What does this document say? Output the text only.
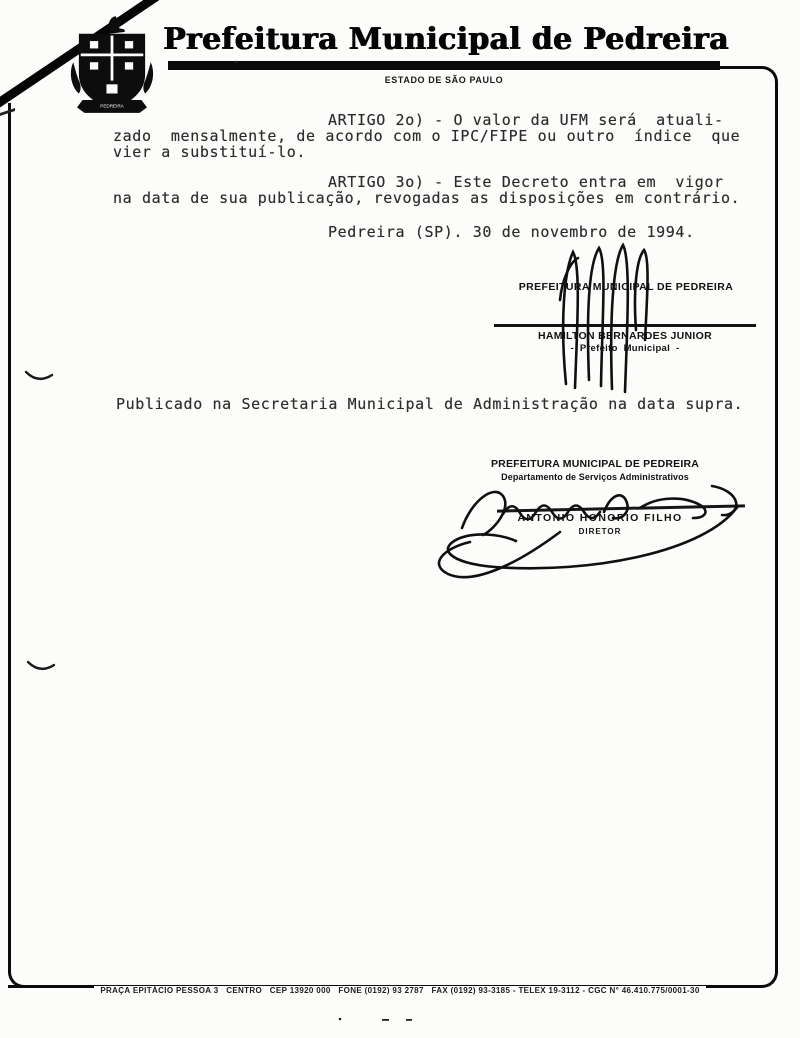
PEDREIRA
Prefeitura Municipal de Pedreira
ESTADO DE SÃO PAULO
ARTIGO 2o) - O valor da UFM será  atuali-
zado  mensalmente, de acordo com o IPC/FIPE ou outro  índice  que
vier a substituí-lo.
ARTIGO 3o) - Este Decreto entra em  vigor
na data de sua publicação, revogadas as disposições em contrário.
Pedreira (SP). 30 de novembro de 1994.
PREFEITURA MUNICIPAL DE PEDREIRA
HAMILTON BERNARDES JUNIOR
-  Prefeito  Municipal  -
Publicado na Secretaria Municipal de Administração na data supra.
PREFEITURA MUNICIPAL DE PEDREIRA
Departamento de Serviços Administrativos
ANTONIO HONORIO FILHO
DIRETOR
PRAÇA EPITÁCIO PESSOA 3   CENTRO   CEP 13920 000   FONE (0192) 93 2787   FAX (0192) 93-3185 - TELEX 19-3112 - CGC N° 46.410.775/0001-30
